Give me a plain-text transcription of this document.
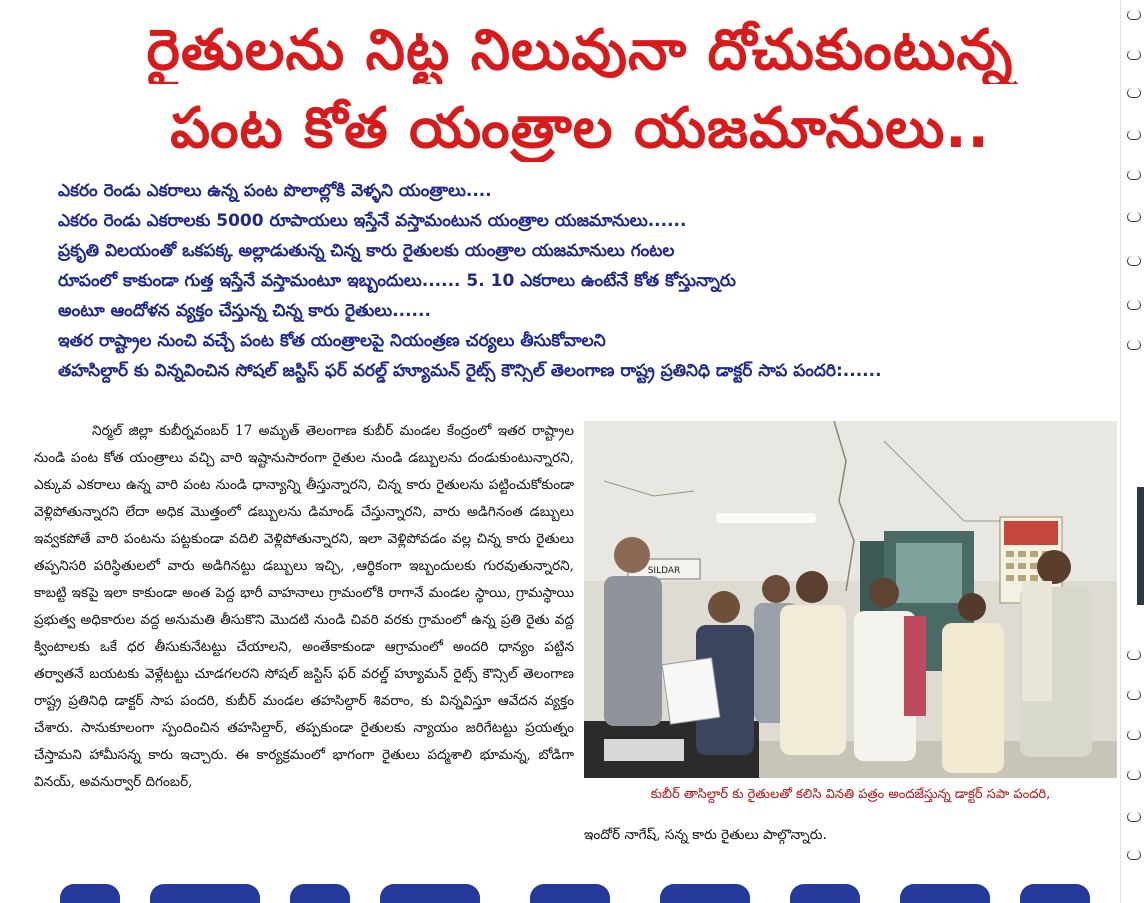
రైతులను నిట్ట నిలువునా దోచుకుంటున్న
పంట కోత యంత్రాల యజమానులు..
ఎకరం రెండు ఎకరాలు ఉన్న పంట పొలాల్లోకి వెళ్ళని యంత్రాలు....
ఎకరం రెండు ఎకరాలకు 5000 రూపాయలు ఇస్తేనే వస్తామంటున యంత్రాల యజమానులు......
ప్రకృతి విలయంతో ఒకపక్క అల్లాడుతున్న చిన్న కారు రైతులకు యంత్రాల యజమానులు గంటల
రూపంలో కాకుండా గుత్త ఇస్తేనే వస్తామంటూ ఇబ్బందులు...... 5. 10 ఎకరాలు ఉంటేనే కోత కోస్తున్నారు
అంటూ ఆందోళన వ్యక్తం చేస్తున్న చిన్న కారు రైతులు......
ఇతర రాష్ట్రాల నుంచి వచ్చే పంట కోత యంత్రాలపై నియంత్రణ చర్యలు తీసుకోవాలని
తహసిల్దార్ కు విన్నవించిన సోషల్ జస్టిస్ ఫర్ వరల్డ్ హ్యూమన్ రైట్స్ కౌన్సిల్ తెలంగాణ రాష్ట్ర ప్రతినిధి డాక్టర్ సాప పందరి:......
నిర్మల్ జిల్లా కుబీర్నవంబర్ 17 అమృత్ తెలంగాణ కుబీర్ మండల కేంద్రంలో ఇతర రాష్ట్రాల నుండి పంట కోత యంత్రాలు వచ్చి వారి ఇష్టానుసారంగా రైతుల నుండి డబ్బులను దండుకుంటున్నారని, ఎక్కువ ఎకరాలు ఉన్న వారి పంట నుండి ధాన్యాన్ని తీస్తున్నారని, చిన్న కారు రైతులను పట్టించుకోకుండా వెళ్లిపోతున్నారని లేదా అధిక మొత్తంలో డబ్బులను డిమాండ్ చేస్తున్నారని, వారు అడిగినంత డబ్బులు ఇవ్వకపోతే వారి పంటను పట్టకుండా వదిలి వెళ్లిపోతున్నారని, ఇలా వెళ్లిపోవడం వల్ల చిన్న కారు రైతులు తప్పనిసరి పరిస్థితులలో వారు అడిగినట్టు డబ్బులు ఇచ్చి, ,ఆర్థికంగా ఇబ్బందులకు గురవుతున్నారని, కాబట్టి ఇకపై ఇలా కాకుండా అంత పెద్ద భారీ వాహనాలు గ్రామంలోకి రాగానే మండల స్థాయి, గ్రామస్థాయి ప్రభుత్వ అధికారుల వద్ద అనుమతి తీసుకొని మొదటి నుండి చివరి వరకు గ్రామంలో ఉన్న ప్రతి రైతు వద్ద క్వింటాలకు ఒకే ధర తీసుకునేటట్టు చేయాలని, అంతేకాకుండా ఆగ్రామంలో అందరి ధాన్యం పట్టిన తర్వాతనే బయటకు వెళ్లేటట్టు చూడగలరని సోషల్ జస్టిస్ ఫర్ వరల్డ్ హ్యూమన్ రైట్స్ కౌన్సిల్ తెలంగాణ రాష్ట్ర ప్రతినిధి డాక్టర్ సాప పందరి, కుబీర్ మండల తహసిల్దార్ శివరాం, కు విన్నవిస్తూ ఆవేదన వ్యక్తం చేశారు. సానుకూలంగా స్పందించిన తహసిల్దార్, తప్పకుండా రైతులకు న్యాయం జరిగేటట్టు ప్రయత్నం చేస్తామని హామీసన్న కారు ఇచ్చారు. ఈ కార్యక్రమంలో భాగంగా రైతులు పద్మశాలి భూమన్న, బోడిగా వినయ్, అవనుర్వార్ దిగంబర్,
SILDAR
కుబీర్ తాసిల్దార్ కు రైతులతో కలిసి వినతి పత్రం అందజేస్తున్న డాక్టర్ సపా పందరి,
ఇందోర్ నాగేష్, సన్న కారు రైతులు పాల్గొన్నారు.
